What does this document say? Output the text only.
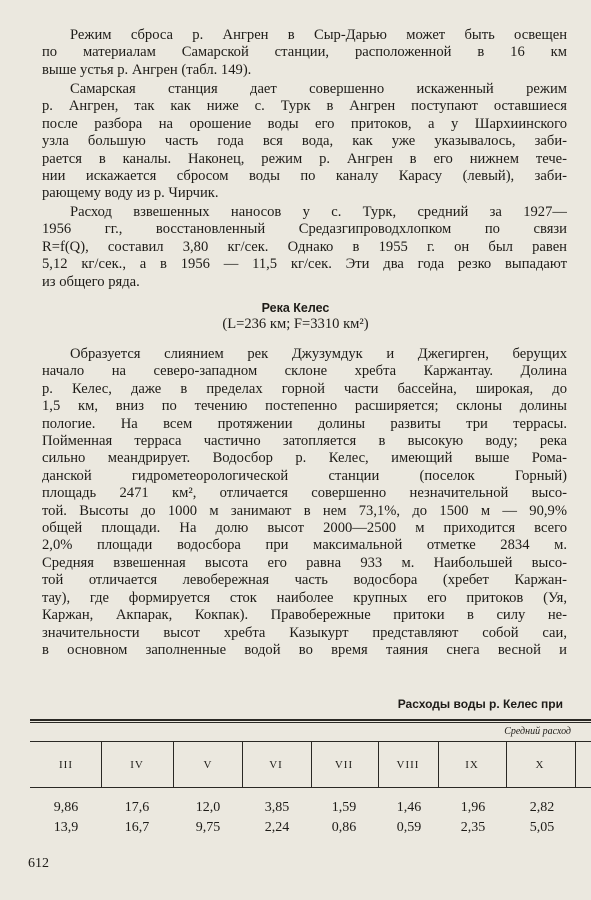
Режим сброса р. Ангрен в Сыр-Дарью может быть освещен
по материалам Самарской станции, расположенной в 16 км
выше устья р. Ангрен (табл. 149).
Самарская станция дает совершенно искаженный режим
р. Ангрен, так как ниже с. Турк в Ангрен поступают оставшиеся
после разбора на орошение воды его притоков, а у Шархиинского
узла большую часть года вся вода, как уже указывалось, заби-
рается в каналы. Наконец, режим р. Ангрен в его нижнем тече-
нии искажается сбросом воды по каналу Карасу (левый), заби-
рающему воду из р. Чирчик.
Расход взвешенных наносов у с. Турк, средний за 1927—
1956 гг., восстановленный Средазгипроводхлопком по связи
R=f(Q), составил 3,80 кг/сек. Однако в 1955 г. он был равен
5,12 кг/сек., а в 1956 — 11,5 кг/сек. Эти два года резко выпадают
из общего ряда.
Река Келес
(L=236 км; F=3310 км²)
Образуется слиянием рек Джузумдук и Джегирген, берущих
начало на северо-западном склоне хребта Каржантау. Долина
р. Келес, даже в пределах горной части бассейна, широкая, до
1,5 км, вниз по течению постепенно расширяется; склоны долины
пологие. На всем протяжении долины развиты три террасы.
Пойменная терраса частично затопляется в высокую воду; река
сильно меандрирует. Водосбор р. Келес, имеющий выше Рома-
данской гидрометеорологической станции (поселок Горный)
площадь 2471 км², отличается совершенно незначительной высо-
той. Высоты до 1000 м занимают в нем 73,1%, до 1500 м — 90,9%
общей площади. На долю высот 2000—2500 м приходится всего
2,0% площади водосбора при максимальной отметке 2834 м.
Средняя взвешенная высота его равна 933 м. Наибольшей высо-
той отличается левобережная часть водосбора (хребет Каржан-
тау), где формируется сток наиболее крупных его притоков (Уя,
Каржан, Акпарак, Кокпак). Правобережные притоки в силу не-
значительности высот хребта Казыкурт представляют собой саи,
в основном заполненные водой во время таяния снега весной и
Расходы воды р. Келес при
Средний расход
III	IV	V	VI	VII	VIII	IX	X
9,86	17,6	12,0	3,85	1,59	1,46	1,96	2,82
13,9	16,7	9,75	2,24	0,86	0,59	2,35	5,05
612
